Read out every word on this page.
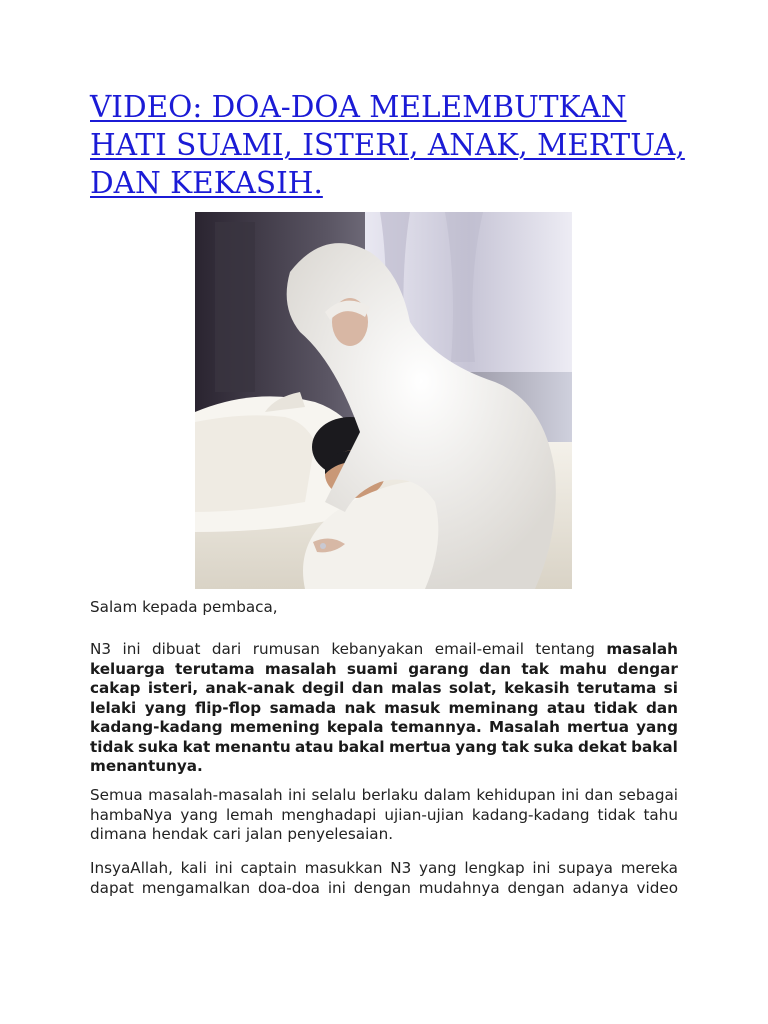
VIDEO: DOA-DOA MELEMBUTKAN
HATI SUAMI, ISTERI, ANAK, MERTUA,
DAN KEKASIH.

Salam kepada pembaca,

N3 ini dibuat dari rumusan kebanyakan email-email tentang masalah
keluarga terutama masalah suami garang dan tak mahu dengar
cakap isteri, anak-anak degil dan malas solat, kekasih terutama si
lelaki yang flip-flop samada nak masuk meminang atau tidak dan
kadang-kadang memening kepala temannya. Masalah mertua yang
tidak suka kat menantu atau bakal mertua yang tak suka dekat bakal
menantunya.
Semua masalah-masalah ini selalu berlaku dalam kehidupan ini dan sebagai
hambaNya yang lemah menghadapi ujian-ujian kadang-kadang tidak tahu
dimana hendak cari jalan penyelesaian.
InsyaAllah, kali ini captain masukkan N3 yang lengkap ini supaya mereka
dapat mengamalkan doa-doa ini dengan mudahnya dengan adanya video
